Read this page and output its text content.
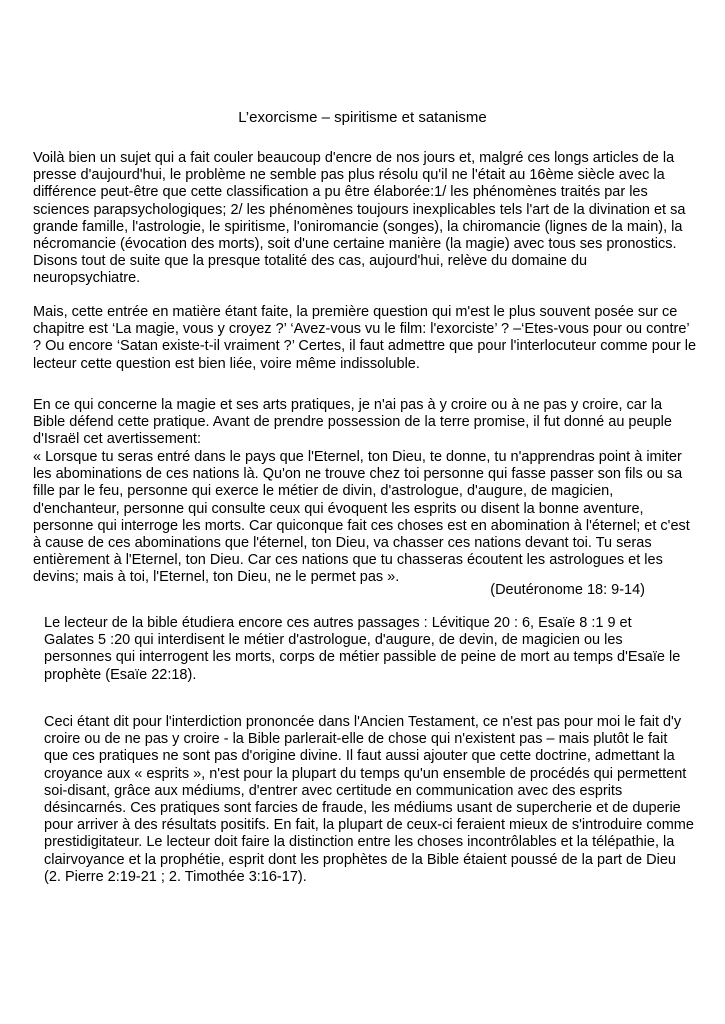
L’exorcisme – spiritisme et satanisme

Voilà bien un sujet qui a fait couler beaucoup d'encre de nos jours et, malgré ces longs articles de la presse d'aujourd'hui, le problème ne semble pas plus résolu qu'il ne l'était au 16ème siècle avec la différence peut-être que cette classification a pu être élaborée:1/ les phénomènes traités par les sciences parapsychologiques; 2/ les phénomènes toujours inexplicables tels l'art de la divination et sa grande famille, l'astrologie, le spiritisme, l'oniromancie (songes), la chiromancie (lignes de la main), la nécromancie (évocation des morts), soit d'une certaine manière (la magie) avec tous ses pronostics. Disons tout de suite que la presque totalité des cas, aujourd'hui, relève du domaine du neuropsychiatre.

Mais, cette entrée en matière étant faite, la première question qui m'est le plus souvent posée sur ce chapitre est ‘La magie, vous y croyez ?’ ‘Avez-vous vu le film: l'exorciste’ ? –‘Etes-vous pour ou contre’ ? Ou encore ‘Satan existe-t-il vraiment ?’ Certes, il faut admettre que pour l'interlocuteur comme pour le lecteur cette question est bien liée, voire même indissoluble.

En ce qui concerne la magie et ses arts pratiques, je n'ai pas à y croire ou à ne pas y croire, car la Bible défend cette pratique. Avant de prendre possession de la terre promise, il fut donné au peuple d'Israël cet avertissement:

« Lorsque tu seras entré dans le pays que l'Eternel, ton Dieu, te donne, tu n'apprendras point à imiter les abominations de ces nations là. Qu'on ne trouve chez toi personne qui fasse passer son fils ou sa fille par le feu, personne qui exerce le métier de divin, d'astrologue, d'augure, de magicien, d'enchanteur, personne qui consulte ceux qui évoquent les esprits ou disent la bonne aventure, personne qui interroge les morts. Car quiconque fait ces choses est en abomination à l'éternel; et c'est à cause de ces abominations que l'éternel, ton Dieu, va chasser ces nations devant toi. Tu seras entièrement à l'Eternel, ton Dieu. Car ces nations que tu chasseras écoutent les astrologues et les devins; mais à toi, l'Eternel, ton Dieu, ne le permet pas ».

(Deutéronome 18: 9-14)

Le lecteur de la bible étudiera encore ces autres passages : Lévitique 20 : 6, Esaïe 8 :1 9 et Galates 5 :20 qui interdisent le métier d'astrologue, d'augure, de devin, de magicien ou les personnes qui interrogent les morts, corps de métier passible de peine de mort au temps d'Esaïe le prophète (Esaïe 22:18).

Ceci étant dit pour l'interdiction prononcée dans l'Ancien Testament, ce n'est pas pour moi le fait d'y croire ou de ne pas y croire - la Bible parlerait-elle de chose qui n'existent pas – mais plutôt le fait que ces pratiques ne sont pas d'origine divine. Il faut aussi ajouter que cette doctrine, admettant la croyance aux « esprits », n'est pour la plupart du temps qu'un ensemble de procédés qui permettent soi-disant, grâce aux médiums, d'entrer avec certitude en communication avec des esprits désincarnés. Ces pratiques sont farcies de fraude, les médiums usant de supercherie et de duperie pour arriver à des résultats positifs. En fait, la plupart de ceux-ci feraient mieux de s'introduire comme prestidigitateur. Le lecteur doit faire la distinction entre les choses incontrôlables et la télépathie, la clairvoyance et la prophétie, esprit dont les prophètes de la Bible étaient poussé de la part de Dieu (2. Pierre 2:19-21 ; 2. Timothée 3:16-17).
